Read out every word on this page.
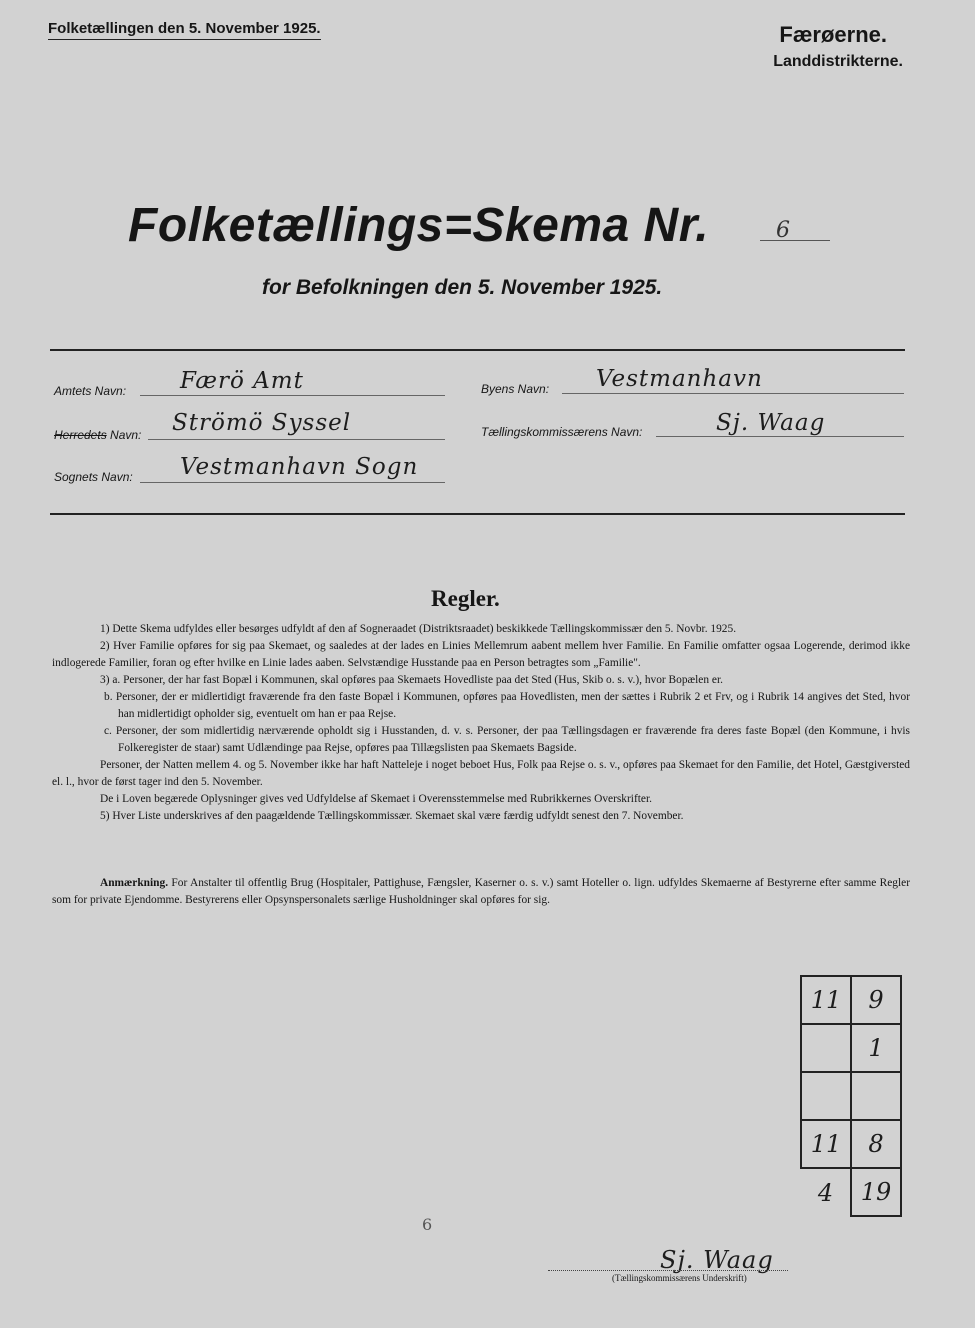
Folketællingen den 5. November 1925.	Færøerne.
Landdistrikterne.
Folketællings=Skema Nr.	6
for Befolkningen den 5. November 1925.
Amtets Navn: Færö Amt
Herredets Navn: Strömö Syssel
Sognets Navn: Vestmanhavn Sogn
Byens Navn: Vestmanhavn
Tællingskommissærens Navn:	Sj. Waag
Regler.

1) Dette Skema udfyldes eller besørges udfyldt af den af Sogneraadet (Distriktsraadet) beskikkede Tællingskommissær den 5. Novbr. 1925.

2) Hver Familie opføres for sig paa Skemaet, og saaledes at der lades en Linies Mellemrum aabent mellem hver Familie. En Familie omfatter ogsaa Logerende, derimod ikke indlogerede Familier, foran og efter hvilke en Linie lades aaben. Selvstændige Husstande paa en Person betragtes som „Familie".

3) a. Personer, der har fast Bopæl i Kommunen, skal opføres paa Skemaets Hovedliste paa det Sted (Hus, Skib o. s. v.), hvor Bopælen er.

b. Personer, der er midlertidigt fraværende fra den faste Bopæl i Kommunen, opføres paa Hovedlisten, men der sættes i Rubrik 2 et Frv, og i Rubrik 14 angives det Sted, hvor han midlertidigt opholder sig, eventuelt om han er paa Rejse.

c. Personer, der som midlertidig nærværende opholdt sig i Husstanden, d. v. s. Personer, der paa Tællingsdagen er fraværende fra deres faste Bopæl (den Kommune, i hvis Folkeregister de staar) samt Udlændinge paa Rejse, opføres paa Tillægslisten paa Skemaets Bagside.

Personer, der Natten mellem 4. og 5. November ikke har haft Natteleje i noget beboet Hus, Folk paa Rejse o. s. v., opføres paa Skemaet for den Familie, det Hotel, Gæstgiversted el. l., hvor de først tager ind den 5. November.

De i Loven begærede Oplysninger gives ved Udfyldelse af Skemaet i Overensstemmelse med Rubrikkernes Overskrifter.

5) Hver Liste underskrives af den paagældende Tællingskommissær. Skemaet skal være færdig udfyldt senest den 7. November.

Anmærkning. For Anstalter til offentlig Brug (Hospitaler, Pattighuse, Fængsler, Kaserner o. s. v.) samt Hoteller o. lign. udfyldes Skemaerne af Bestyrerne efter samme Regler som for private Ejendomme. Bestyrerens eller Opsynspersonalets særlige Husholdninger skal opføres for sig.
11	9
	1

11	8
4	19
6
Sj. Waag
(Tællingskommissærens Underskrift)
